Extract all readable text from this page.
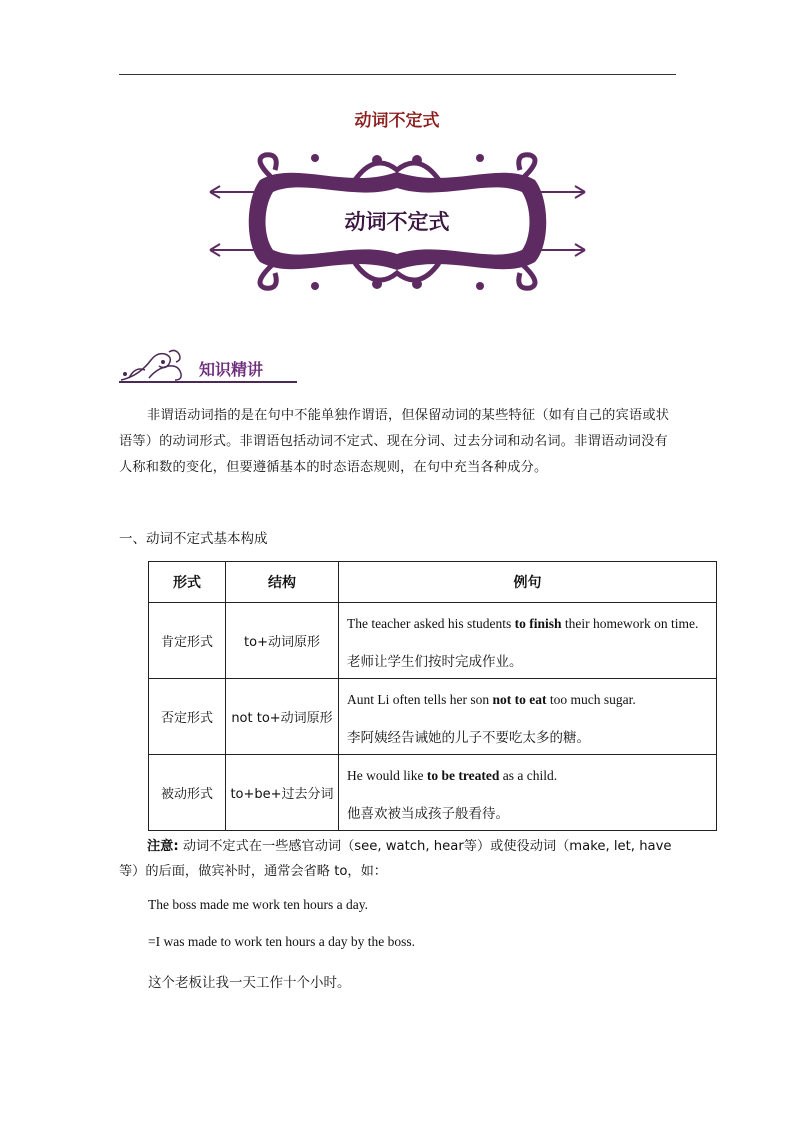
动词不定式
动词不定式
知识精讲

非谓语动词指的是在句中不能单独作谓语，但保留动词的某些特征（如有自己的宾语或状语等）的动词形式。非谓语包括动词不定式、现在分词、过去分词和动名词。非谓语动词没有人称和数的变化，但要遵循基本的时态语态规则，在句中充当各种成分。

一、动词不定式基本构成
形式	结构	例句
肯定形式	to+动词原形	The teacher asked his students to finish their homework on time.
老师让学生们按时完成作业。

否定形式	not to+动词原形	Aunt Li often tells her son not to eat too much sugar.
李阿姨经告诫她的儿子不要吃太多的糖。

被动形式	to+be+过去分词	He would like to be treated as a child.
他喜欢被当成孩子般看待。
注意: 动词不定式在一些感官动词（see, watch, hear等）或使役动词（make, let, have等）的后面，做宾补时，通常会省略 to，如：
The boss made me work ten hours a day.
=I was made to work ten hours a day by the boss.
这个老板让我一天工作十个小时。
